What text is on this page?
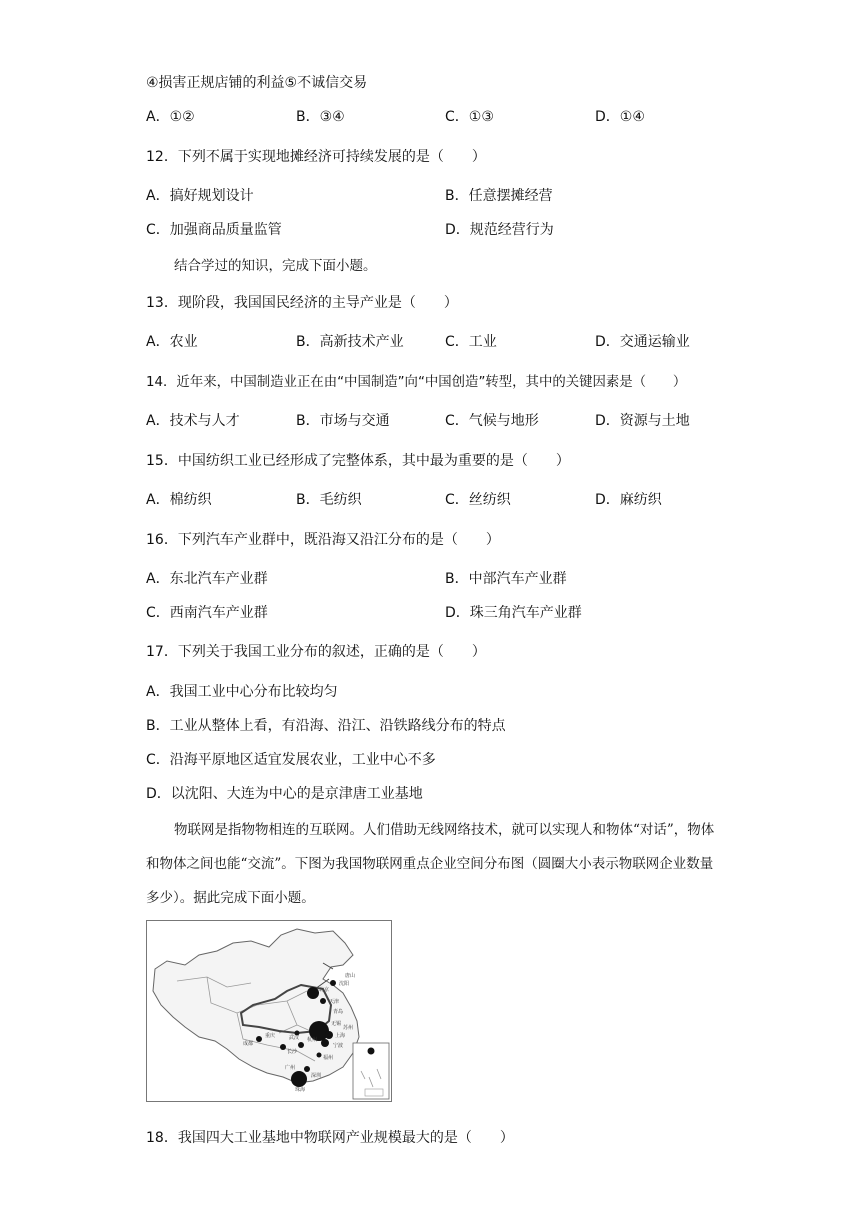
④损害正规店铺的利益⑤不诚信交易
A．①②	B．③④	C．①③	D．①④
12．下列不属于实现地摊经济可持续发展的是（　　）
A．搞好规划设计	B．任意摆摊经营
C．加强商品质量监管	D．规范经营行为
结合学过的知识，完成下面小题。
13．现阶段，我国国民经济的主导产业是（　　）
A．农业	B．高新技术产业	C．工业	D．交通运输业
14．近年来，中国制造业正在由“中国制造”向“中国创造”转型，其中的关键因素是（　　）
A．技术与人才	B．市场与交通	C．气候与地形	D．资源与土地
15．中国纺织工业已经形成了完整体系，其中最为重要的是（　　）
A．棉纺织	B．毛纺织	C．丝纺织	D．麻纺织
16．下列汽车产业群中，既沿海又沿江分布的是（　　）
A．东北汽车产业群	B．中部汽车产业群
C．西南汽车产业群	D．珠三角汽车产业群
17．下列关于我国工业分布的叙述，正确的是（　　）
A．我国工业中心分布比较均匀
B．工业从整体上看，有沿海、沿江、沿铁路线分布的特点
C．沿海平原地区适宜发展农业，工业中心不多
D．以沈阳、大连为中心的是京津唐工业基地
物联网是指物物相连的互联网。人们借助无线网络技术，就可以实现人和物体“对话”，物体和物体之间也能“交流”。下图为我国物联网重点企业空间分布图（圆圈大小表示物联网企业数量多少）。据此完成下面小题。
沈阳
唐山
北京
天津
青岛
无锡
苏州
上海
宁波
杭州
武汉
重庆
成都
长沙
福州
深圳
珠海
广州
18．我国四大工业基地中物联网产业规模最大的是（　　）
